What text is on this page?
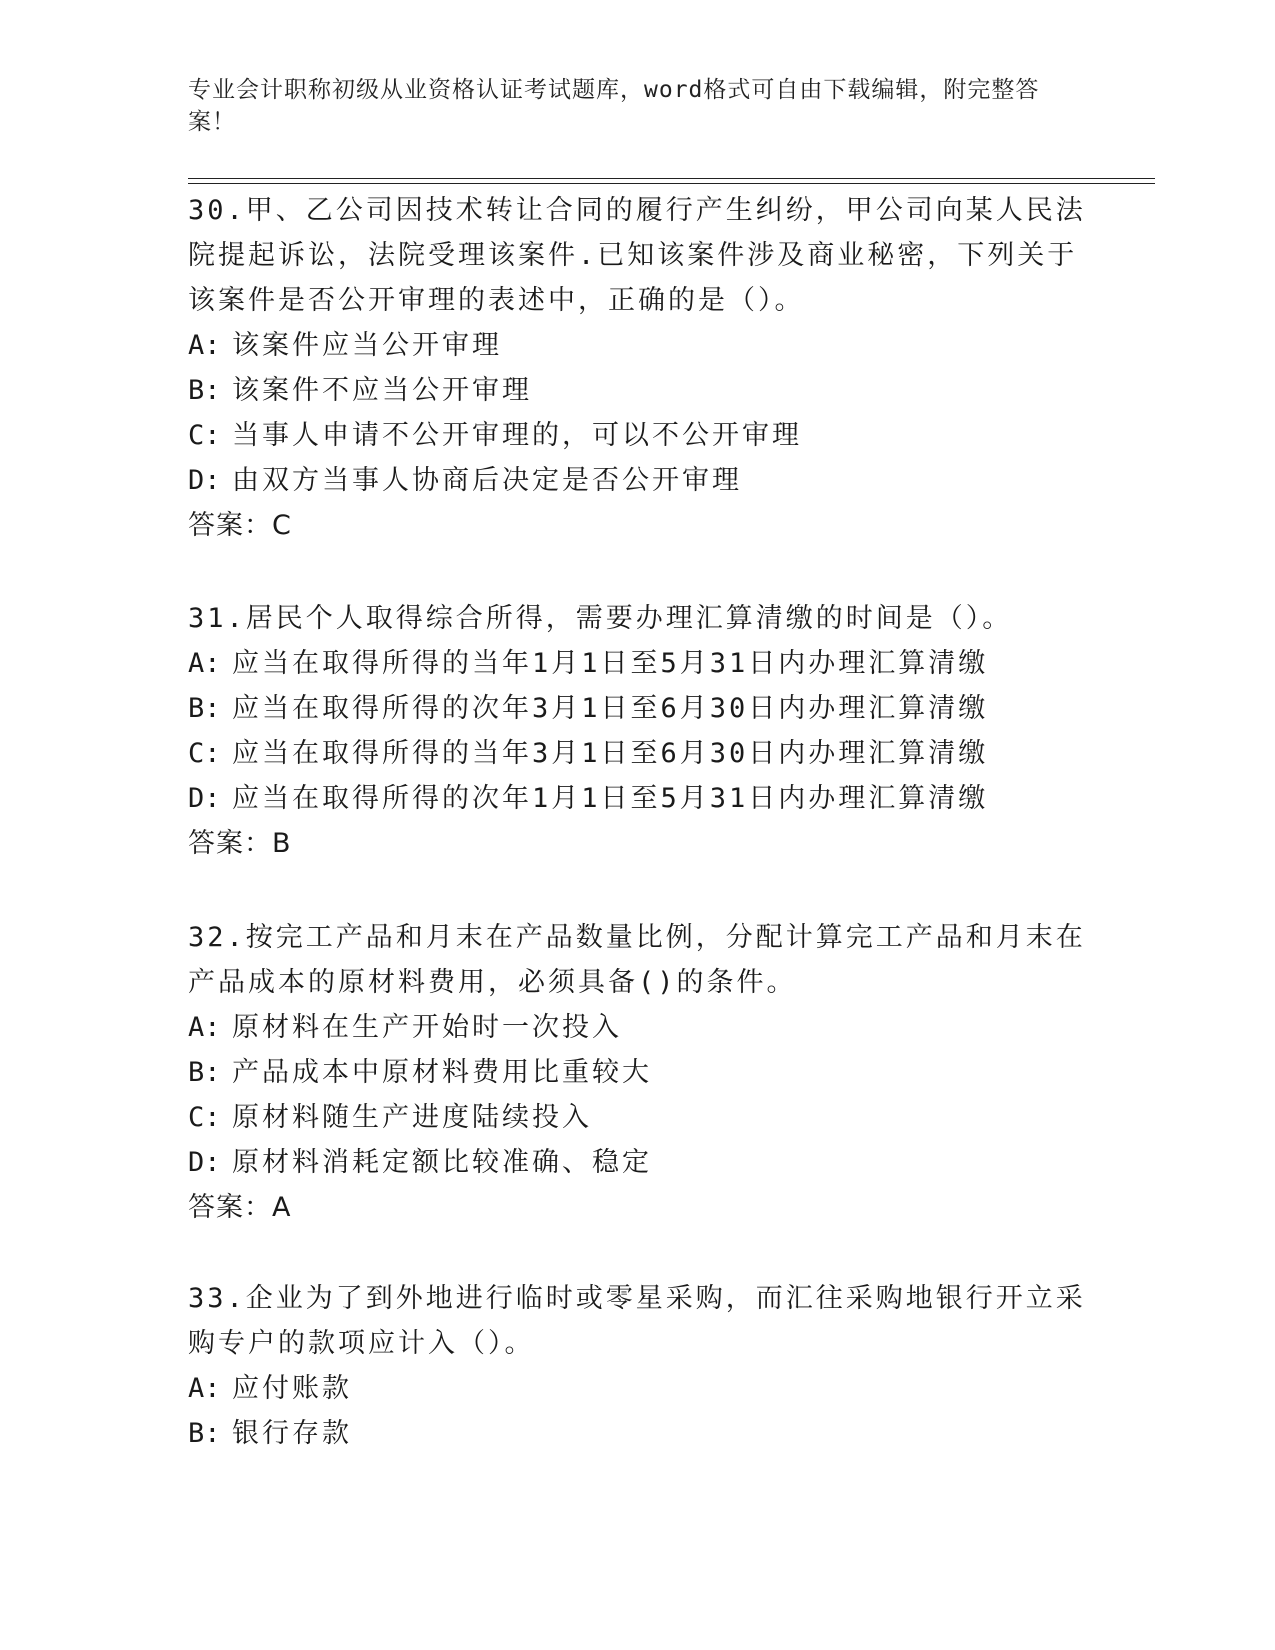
专业会计职称初级从业资格认证考试题库，word格式可自由下载编辑，附完整答案！

30.甲、乙公司因技术转让合同的履行产生纠纷，甲公司向某人民法院提起诉讼，法院受理该案件.已知该案件涉及商业秘密，下列关于该案件是否公开审理的表述中，正确的是（）。

A: 该案件应当公开审理

B: 该案件不应当公开审理

C: 当事人申请不公开审理的，可以不公开审理

D: 由双方当事人协商后决定是否公开审理

答案：C

31.居民个人取得综合所得，需要办理汇算清缴的时间是（）。

A: 应当在取得所得的当年1月1日至5月31日内办理汇算清缴

B: 应当在取得所得的次年3月1日至6月30日内办理汇算清缴

C: 应当在取得所得的当年3月1日至6月30日内办理汇算清缴

D: 应当在取得所得的次年1月1日至5月31日内办理汇算清缴

答案：B

32.按完工产品和月末在产品数量比例，分配计算完工产品和月末在产品成本的原材料费用，必须具备()的条件。

A: 原材料在生产开始时一次投入

B: 产品成本中原材料费用比重较大

C: 原材料随生产进度陆续投入

D: 原材料消耗定额比较准确、稳定

答案：A

33.企业为了到外地进行临时或零星采购，而汇往采购地银行开立采购专户的款项应计入（）。

A: 应付账款

B: 银行存款
